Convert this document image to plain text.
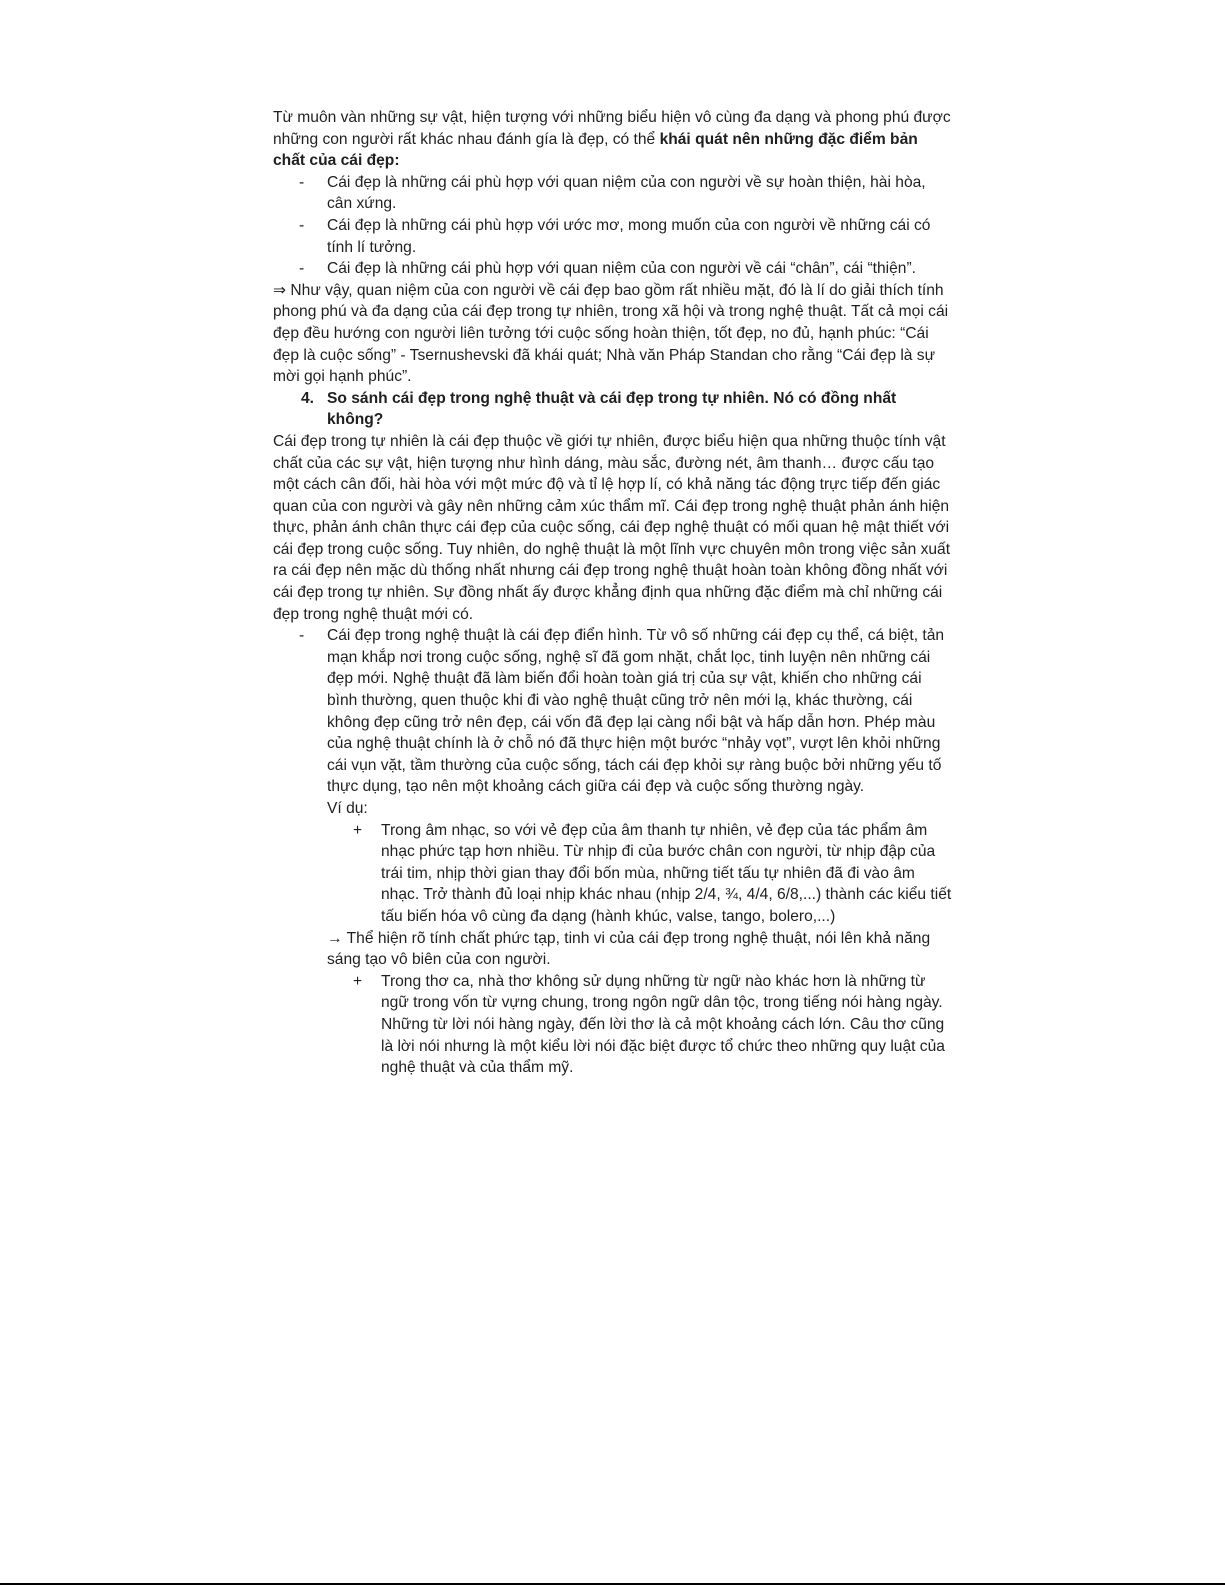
Từ muôn vàn những sự vật, hiện tượng với những biểu hiện vô cùng đa dạng và phong phú được những con người rất khác nhau đánh gía là đẹp, có thể khái quát nên những đặc điểm bản chất của cái đẹp:

- Cái đẹp là những cái phù hợp với quan niệm của con người về sự hoàn thiện, hài hòa, cân xứng.
- Cái đẹp là những cái phù hợp với ước mơ, mong muốn của con người về những cái có tính lí tưởng.
- Cái đẹp là những cái phù hợp với quan niệm của con người về cái “chân”, cái “thiện”.

⇒ Như vậy, quan niệm của con người về cái đẹp bao gồm rất nhiều mặt, đó là lí do giải thích tính phong phú và đa dạng của cái đẹp trong tự nhiên, trong xã hội và trong nghệ thuật. Tất cả mọi cái đẹp đều hướng con người liên tưởng tới cuộc sống hoàn thiện, tốt đẹp, no đủ, hạnh phúc: “Cái đẹp là cuộc sống” - Tsernushevski đã khái quát; Nhà văn Pháp Standan cho rằng “Cái đẹp là sự mời gọi hạnh phúc”.

4. So sánh cái đẹp trong nghệ thuật và cái đẹp trong tự nhiên. Nó có đồng nhất không?

Cái đẹp trong tự nhiên là cái đẹp thuộc về giới tự nhiên, được biểu hiện qua những thuộc tính vật chất của các sự vật, hiện tượng như hình dáng, màu sắc, đường nét, âm thanh… được cấu tạo một cách cân đối, hài hòa với một mức độ và tỉ lệ hợp lí, có khả năng tác động trực tiếp đến giác quan của con người và gây nên những cảm xúc thẩm mĩ. Cái đẹp trong nghệ thuật phản ánh hiện thực, phản ánh chân thực cái đẹp của cuộc sống, cái đẹp nghệ thuật có mối quan hệ mật thiết với cái đẹp trong cuộc sống. Tuy nhiên, do nghệ thuật là một lĩnh vực chuyên môn trong việc sản xuất ra cái đẹp nên mặc dù thống nhất nhưng cái đẹp trong nghệ thuật hoàn toàn không đồng nhất với cái đẹp trong tự nhiên. Sự đồng nhất ấy được khẳng định qua những đặc điểm mà chỉ những cái đẹp trong nghệ thuật mới có.

- Cái đẹp trong nghệ thuật là cái đẹp điển hình. Từ vô số những cái đẹp cụ thể, cá biệt, tản mạn khắp nơi trong cuộc sống, nghệ sĩ đã gom nhặt, chắt lọc, tinh luyện nên những cái đẹp mới. Nghệ thuật đã làm biến đổi hoàn toàn giá trị của sự vật, khiến cho những cái bình thường, quen thuộc khi đi vào nghệ thuật cũng trở nên mới lạ, khác thường, cái không đẹp cũng trở nên đẹp, cái vốn đã đẹp lại càng nổi bật và hấp dẫn hơn. Phép màu của nghệ thuật chính là ở chỗ nó đã thực hiện một bước “nhảy vọt”, vượt lên khỏi những cái vụn vặt, tầm thường của cuộc sống, tách cái đẹp khỏi sự ràng buộc bởi những yếu tố thực dụng, tạo nên một khoảng cách giữa cái đẹp và cuộc sống thường ngày.

Ví dụ:

+ Trong âm nhạc, so với vẻ đẹp của âm thanh tự nhiên, vẻ đẹp của tác phẩm âm nhạc phức tạp hơn nhiều. Từ nhịp đi của bước chân con người, từ nhịp đập của trái tim, nhịp thời gian thay đổi bốn mùa, những tiết tấu tự nhiên đã đi vào âm nhạc. Trở thành đủ loại nhịp khác nhau (nhịp 2/4, ¾, 4/4, 6/8,...) thành các kiểu tiết tấu biến hóa vô cùng đa dạng (hành khúc, valse, tango, bolero,...)

→ Thể hiện rõ tính chất phức tạp, tinh vi của cái đẹp trong nghệ thuật, nói lên khả năng sáng tạo vô biên của con người.

+ Trong thơ ca, nhà thơ không sử dụng những từ ngữ nào khác hơn là những từ ngữ trong vốn từ vựng chung, trong ngôn ngữ dân tộc, trong tiếng nói hàng ngày. Những từ lời nói hàng ngày, đến lời thơ là cả một khoảng cách lớn. Câu thơ cũng là lời nói nhưng là một kiểu lời nói đặc biệt được tổ chức theo những quy luật của nghệ thuật và của thẩm mỹ.
